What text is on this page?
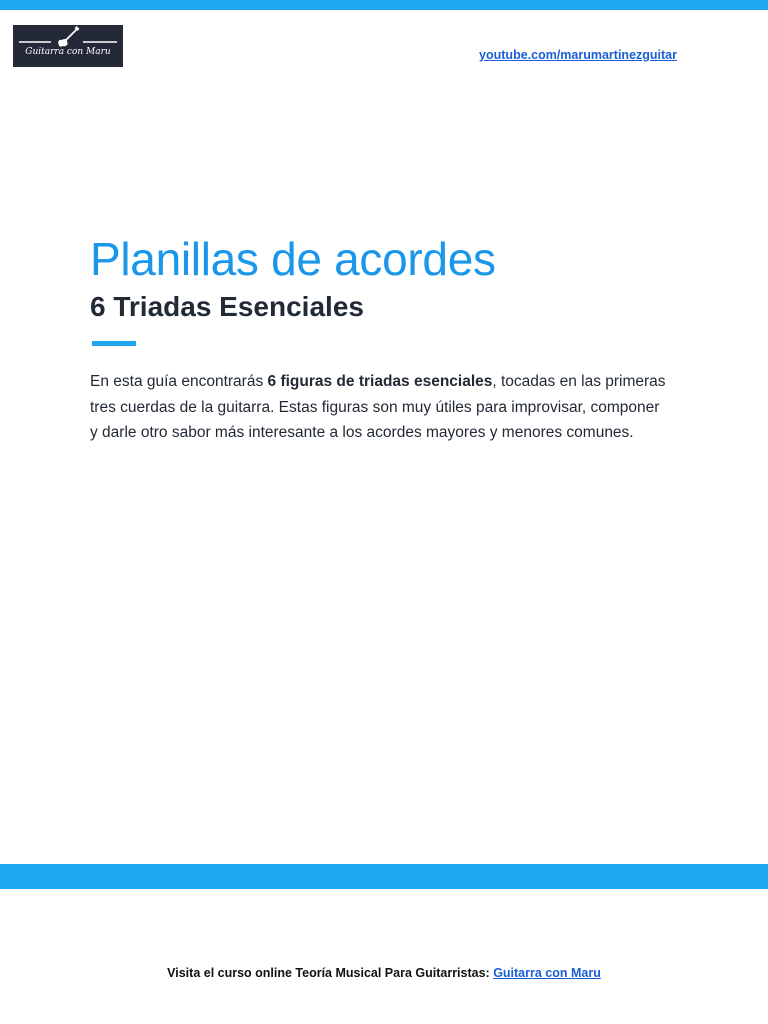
Guitarra con Maru	youtube.com/marumartinezguitar
Planillas de acordes
6 Triadas Esenciales

En esta guía encontrarás 6 figuras de triadas esenciales, tocadas en las primeras tres cuerdas de la guitarra. Estas figuras son muy útiles para improvisar, componer y darle otro sabor más interesante a los acordes mayores y menores comunes.

Visita el curso online Teoría Musical Para Guitarristas: Guitarra con Maru
